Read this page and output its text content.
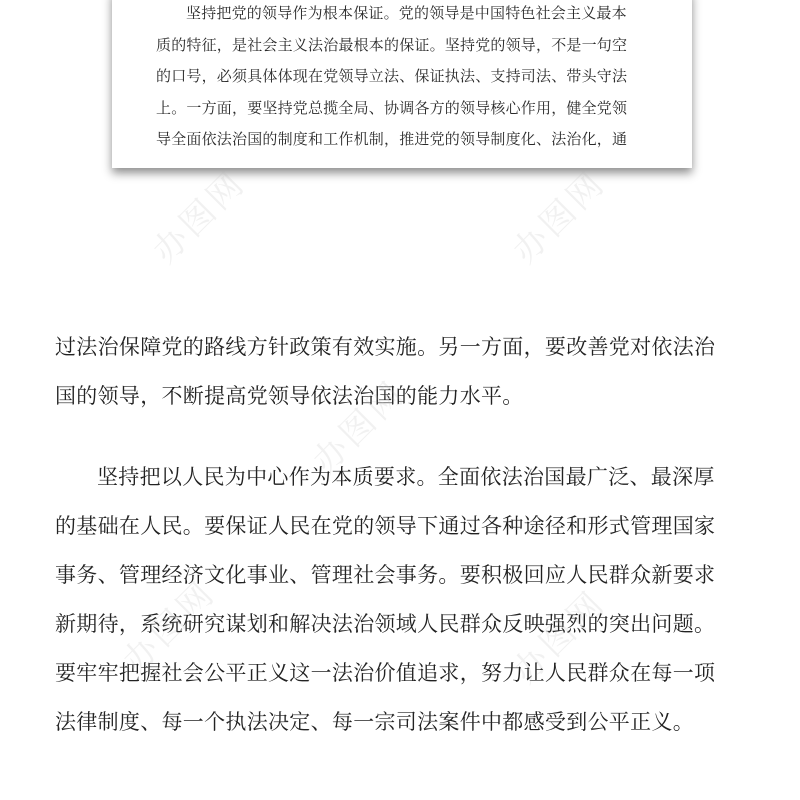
坚持把党的领导作为根本保证。党的领导是中国特色社会主义最本
质的特征，是社会主义法治最根本的保证。坚持党的领导，不是一句空
的口号，必须具体体现在党领导立法、保证执法、支持司法、带头守法
上。一方面，要坚持党总揽全局、协调各方的领导核心作用，健全党领
导全面依法治国的制度和工作机制，推进党的领导制度化、法治化，通
过法治保障党的路线方针政策有效实施。另一方面，要改善党对依法治
国的领导，不断提高党领导依法治国的能力水平。
坚持把以人民为中心作为本质要求。全面依法治国最广泛、最深厚
的基础在人民。要保证人民在党的领导下通过各种途径和形式管理国家
事务、管理经济文化事业、管理社会事务。要积极回应人民群众新要求
新期待，系统研究谋划和解决法治领域人民群众反映强烈的突出问题。
要牢牢把握社会公平正义这一法治价值追求，努力让人民群众在每一项
法律制度、每一个执法决定、每一宗司法案件中都感受到公平正义。
办图网	办图网
办图网
办图网	办图网
